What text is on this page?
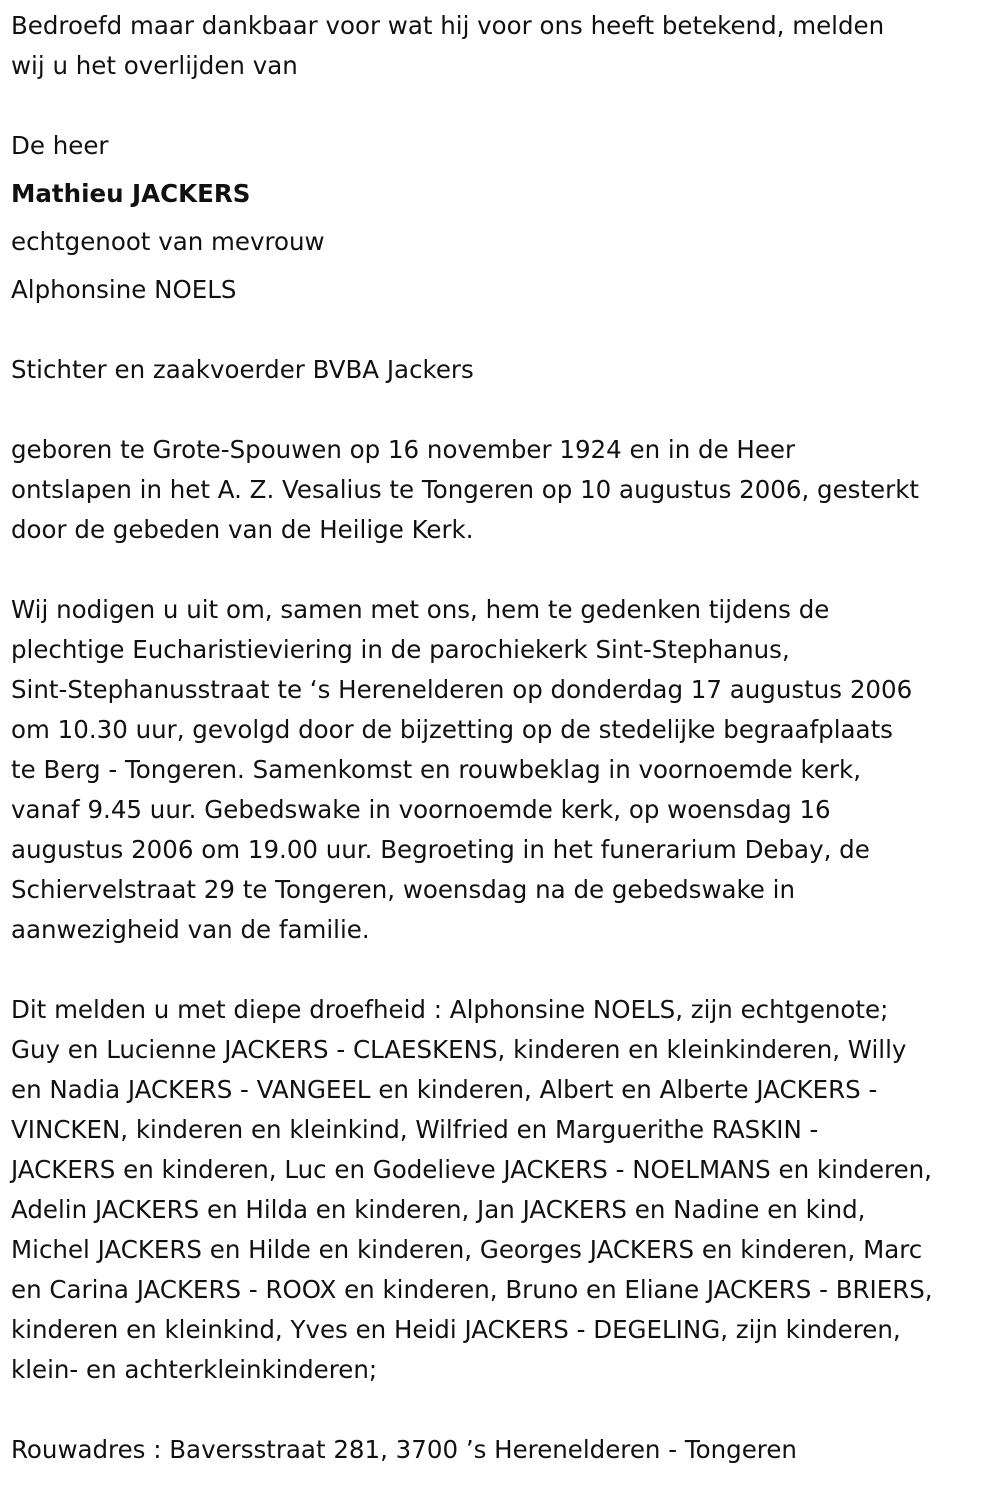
Bedroefd maar dankbaar voor wat hij voor ons heeft betekend, melden
wij u het overlijden van

De heer

Mathieu JACKERS

echtgenoot van mevrouw

Alphonsine NOELS

Stichter en zaakvoerder BVBA Jackers

geboren te Grote-Spouwen op 16 november 1924 en in de Heer
ontslapen in het A. Z. Vesalius te Tongeren op 10 augustus 2006, gesterkt
door de gebeden van de Heilige Kerk.

Wij nodigen u uit om, samen met ons, hem te gedenken tijdens de
plechtige Eucharistieviering in de parochiekerk Sint-Stephanus,
Sint-Stephanusstraat te ‘s Herenelderen op donderdag 17 augustus 2006
om 10.30 uur, gevolgd door de bijzetting op de stedelijke begraafplaats
te Berg - Tongeren. Samenkomst en rouwbeklag in voornoemde kerk,
vanaf 9.45 uur. Gebedswake in voornoemde kerk, op woensdag 16
augustus 2006 om 19.00 uur. Begroeting in het funerarium Debay, de
Schiervelstraat 29 te Tongeren, woensdag na de gebedswake in
aanwezigheid van de familie.

Dit melden u met diepe droefheid : Alphonsine NOELS, zijn echtgenote;
Guy en Lucienne JACKERS - CLAESKENS, kinderen en kleinkinderen, Willy
en Nadia JACKERS - VANGEEL en kinderen, Albert en Alberte JACKERS -
VINCKEN, kinderen en kleinkind, Wilfried en Marguerithe RASKIN -
JACKERS en kinderen, Luc en Godelieve JACKERS - NOELMANS en kinderen,
Adelin JACKERS en Hilda en kinderen, Jan JACKERS en Nadine en kind,
Michel JACKERS en Hilde en kinderen, Georges JACKERS en kinderen, Marc
en Carina JACKERS - ROOX en kinderen, Bruno en Eliane JACKERS - BRIERS,
kinderen en kleinkind, Yves en Heidi JACKERS - DEGELING, zijn kinderen,
klein- en achterkleinkinderen;

Rouwadres : Baversstraat 281, 3700 ’s Herenelderen - Tongeren
